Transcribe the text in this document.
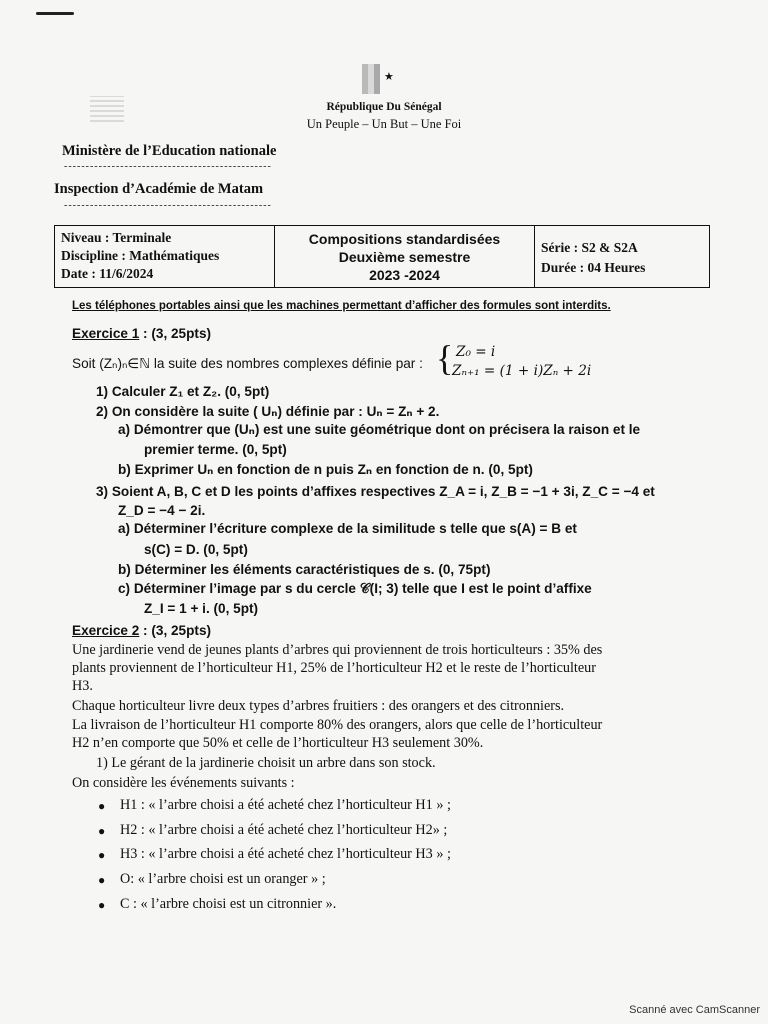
★
République Du Sénégal
Un Peuple – Un But – Une Foi
Ministère de l’Education nationale
------------------------------------------------
Inspection d’Académie de Matam
------------------------------------------------
Niveau : Terminale
Discipline : Mathématiques
Date : 11/6/2024
Compositions standardisées
Deuxième semestre
2023 -2024
Série : S2 & S2A
Durée : 04 Heures
Les téléphones portables ainsi que les machines permettant d’afficher des formules sont interdits.
Exercice 1 : (3, 25pts)
Soit (Zₙ)ₙ∈ℕ la suite des nombres complexes définie par : { Z₀ = i
Zₙ₊₁ = (1 + i)Zₙ + 2i
1) Calculer Z₁ et Z₂. (0, 5pt)
2) On considère la suite ( Uₙ) définie par : Uₙ = Zₙ + 2.
a) Démontrer que (Uₙ) est une suite géométrique dont on précisera la raison et le
premier terme. (0, 5pt)
b) Exprimer Uₙ en fonction de n puis Zₙ en fonction de n. (0, 5pt)
3) Soient A, B, C et D les points d’affixes respectives Z_A = i, Z_B = −1 + 3i, Z_C = −4 et
Z_D = −4 − 2i.
a) Déterminer l’écriture complexe de la similitude s telle que s(A) = B et
s(C) = D. (0, 5pt)
b) Déterminer les éléments caractéristiques de s. (0, 75pt)
c) Déterminer l’image par s du cercle 𝒞(I; 3) telle que I est le point d’affixe
Z_I = 1 + i. (0, 5pt)
Exercice 2 : (3, 25pts)
Une jardinerie vend de jeunes plants d’arbres qui proviennent de trois horticulteurs : 35% des
plants proviennent de l’horticulteur H1, 25% de l’horticulteur H2 et le reste de l’horticulteur
H3.
Chaque horticulteur livre deux types d’arbres fruitiers : des orangers et des citronniers.
La livraison de l’horticulteur H1 comporte 80% des orangers, alors que celle de l’horticulteur
H2 n’en comporte que 50% et celle de l’horticulteur H3 seulement 30%.
1) Le gérant de la jardinerie choisit un arbre dans son stock.
On considère les événements suivants :
● H1 : « l’arbre choisi a été acheté chez l’horticulteur H1 » ;
● H2 : « l’arbre choisi a été acheté chez l’horticulteur H2» ;
● H3 : « l’arbre choisi a été acheté chez l’horticulteur H3 » ;
● O: « l’arbre choisi est un oranger » ;
● C : « l’arbre choisi est un citronnier ».
Scanné avec CamScanner
